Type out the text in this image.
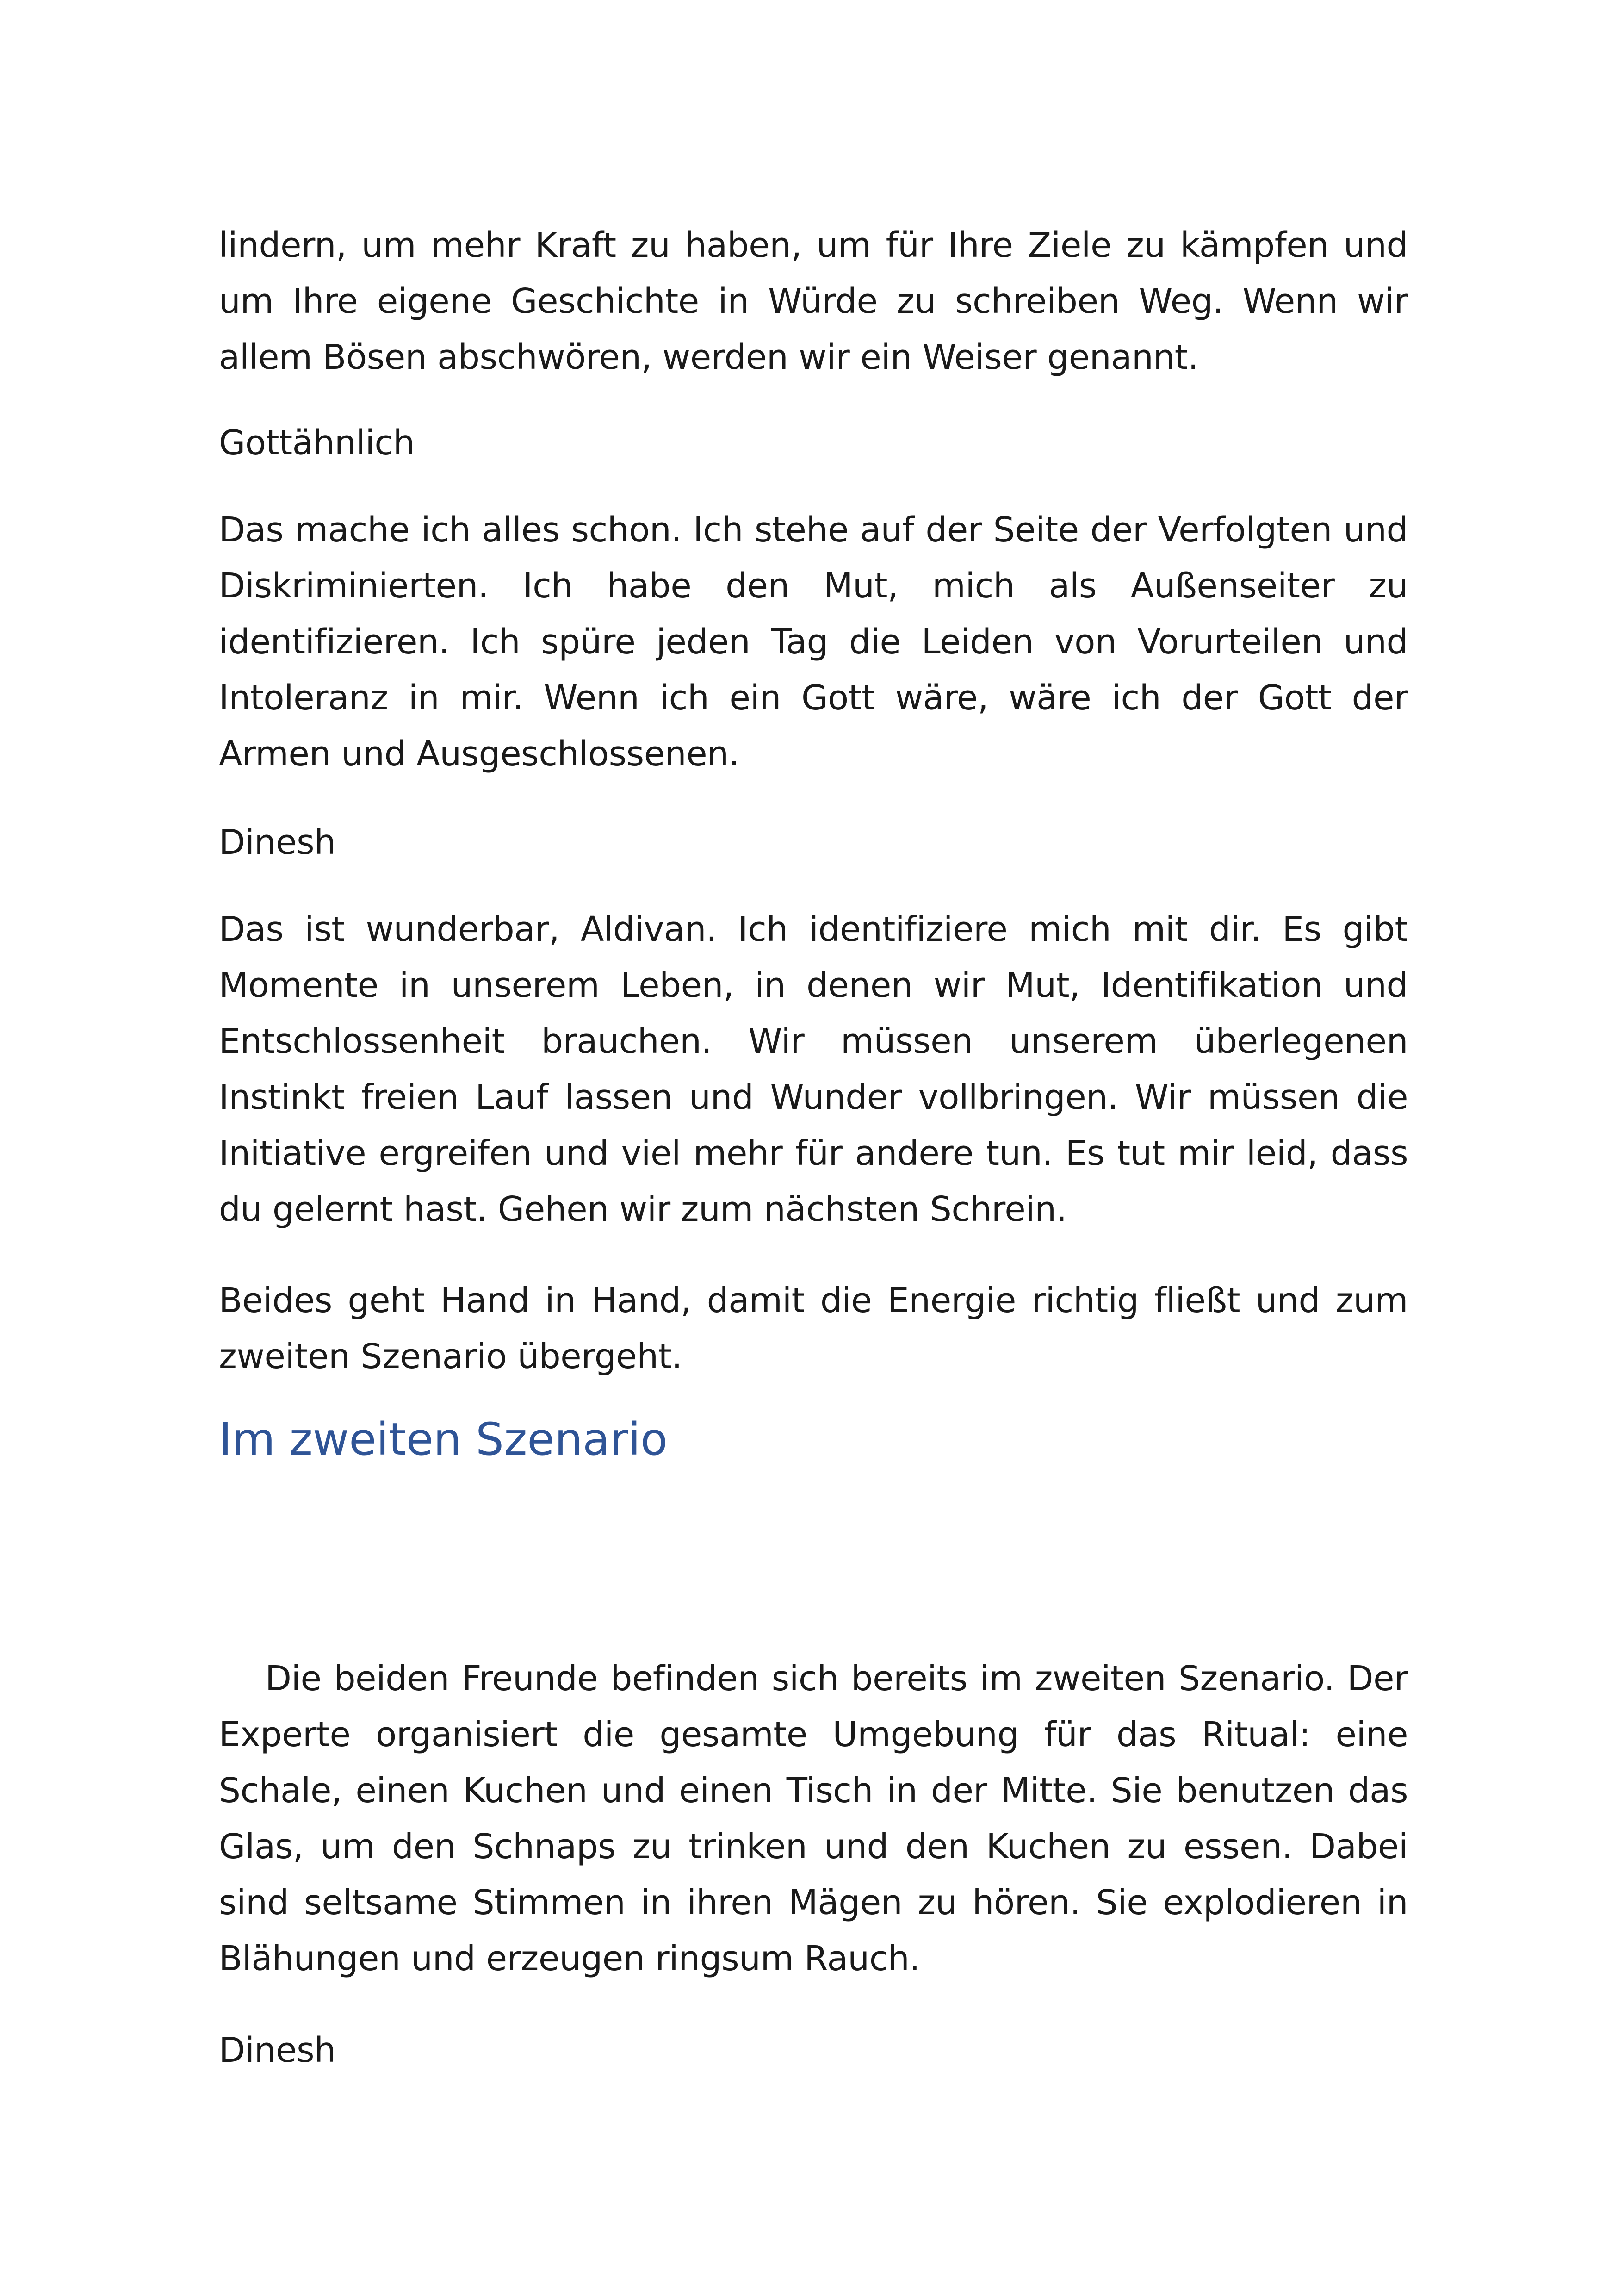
lindern, um mehr Kraft zu haben, um für Ihre Ziele zu kämpfen und um Ihre eigene Geschichte in Würde zu schreiben Weg. Wenn wir allem Bösen abschwören, werden wir ein Weiser genannt.

Gottähnlich

Das mache ich alles schon. Ich stehe auf der Seite der Verfolgten und Diskriminierten. Ich habe den Mut, mich als Außenseiter zu identifizieren. Ich spüre jeden Tag die Leiden von Vorurteilen und Intoleranz in mir. Wenn ich ein Gott wäre, wäre ich der Gott der Armen und Ausgeschlossenen.

Dinesh

Das ist wunderbar, Aldivan. Ich identifiziere mich mit dir. Es gibt Momente in unserem Leben, in denen wir Mut, Identifikation und Entschlossenheit brauchen. Wir müssen unserem überlegenen Instinkt freien Lauf lassen und Wunder vollbringen. Wir müssen die Initiative ergreifen und viel mehr für andere tun. Es tut mir leid, dass du gelernt hast. Gehen wir zum nächsten Schrein.

Beides geht Hand in Hand, damit die Energie richtig fließt und zum zweiten Szenario übergeht.

Im zweiten Szenario

Die beiden Freunde befinden sich bereits im zweiten Szenario. Der Experte organisiert die gesamte Umgebung für das Ritual: eine Schale, einen Kuchen und einen Tisch in der Mitte. Sie benutzen das Glas, um den Schnaps zu trinken und den Kuchen zu essen. Dabei sind seltsame Stimmen in ihren Mägen zu hören. Sie explodieren in Blähungen und erzeugen ringsum Rauch.

Dinesh
